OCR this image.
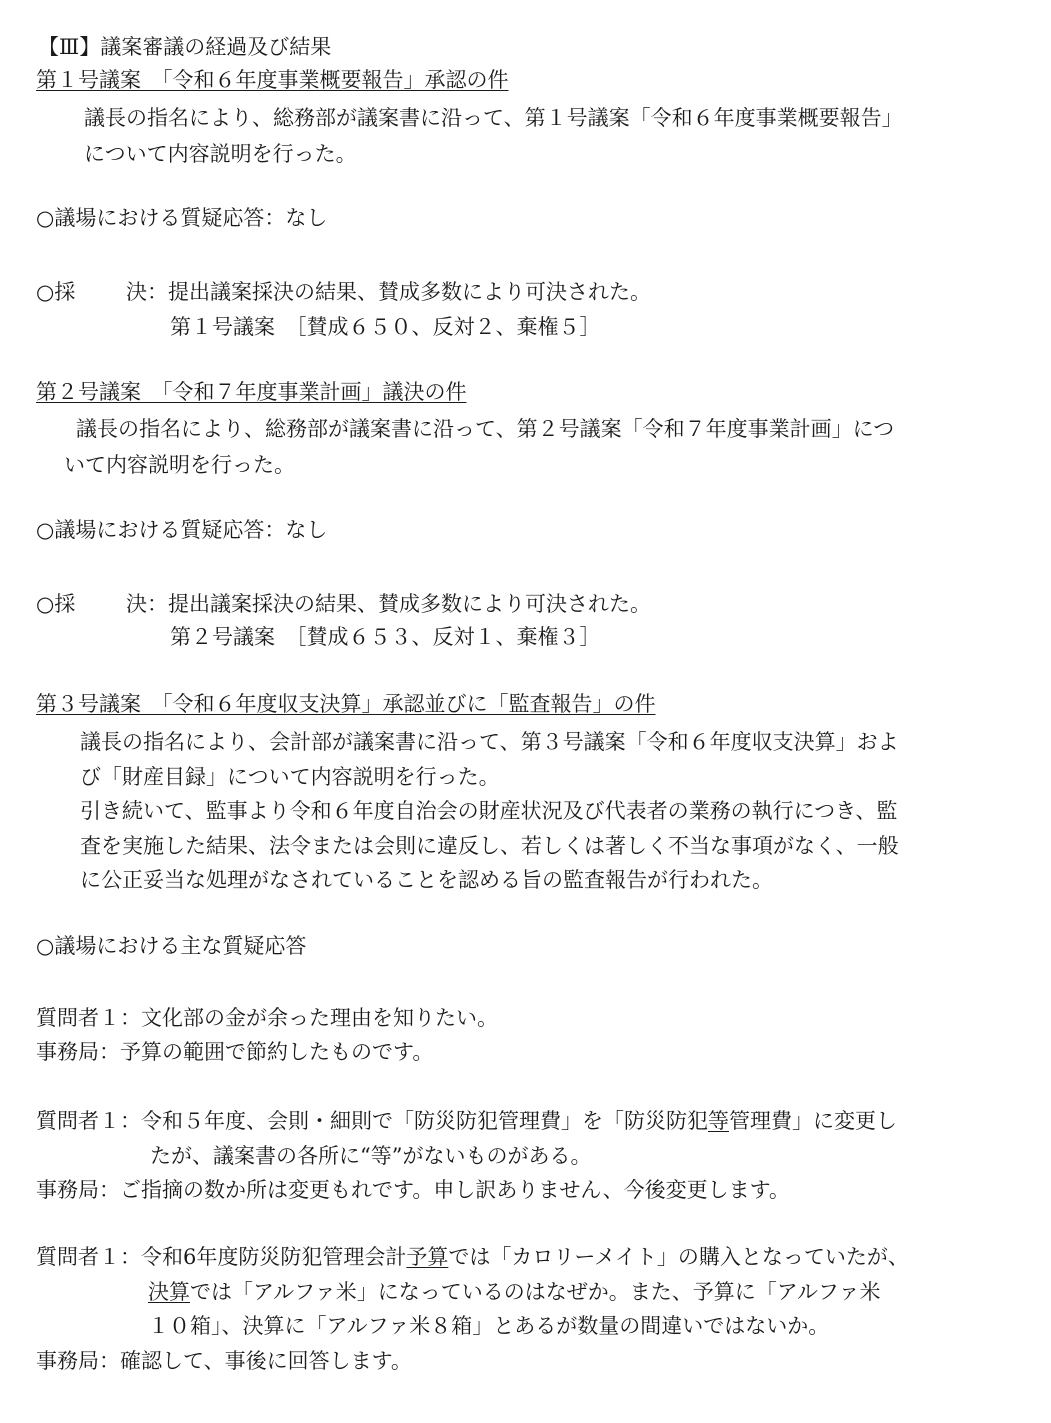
【Ⅲ】議案審議の経過及び結果
第１号議案　「令和６年度事業概要報告」承認の件
議長の指名により、総務部が議案書に沿って、第１号議案「令和６年度事業概要報告」
について内容説明を行った。
○議場における質疑応答：なし
○採 決：提出議案採決の結果、賛成多数により可決された。
第１号議案　［賛成６５０、反対２、棄権５］
第２号議案　「令和７年度事業計画」議決の件
議長の指名により、総務部が議案書に沿って、第２号議案「令和７年度事業計画」につ
いて内容説明を行った。
○議場における質疑応答：なし
○採 決：提出議案採決の結果、賛成多数により可決された。
第２号議案　［賛成６５３、反対１、棄権３］
第３号議案　「令和６年度収支決算」承認並びに「監査報告」の件
議長の指名により、会計部が議案書に沿って、第３号議案「令和６年度収支決算」およ
び「財産目録」について内容説明を行った。
引き続いて、監事より令和６年度自治会の財産状況及び代表者の業務の執行につき、監
査を実施した結果、法令または会則に違反し、若しくは著しく不当な事項がなく、一般
に公正妥当な処理がなされていることを認める旨の監査報告が行われた。
○議場における主な質疑応答
質問者１：文化部の金が余った理由を知りたい。
事務局：予算の範囲で節約したものです。
質問者１：令和５年度、会則・細則で「防災防犯管理費」を「防災防犯等管理費」に変更し
たが、議案書の各所に“等”がないものがある。
事務局：ご指摘の数か所は変更もれです。申し訳ありません、今後変更します。
質問者１：令和6年度防災防犯管理会計予算では「カロリーメイト」の購入となっていたが、
決算では「アルファ米」になっているのはなぜか。また、予算に「アルファ米
１０箱」、決算に「アルファ米８箱」とあるが数量の間違いではないか。
事務局：確認して、事後に回答します。
